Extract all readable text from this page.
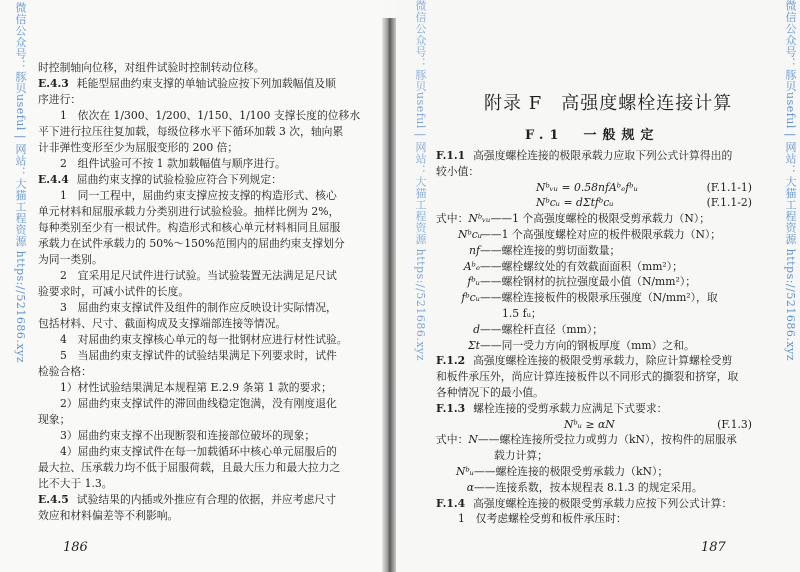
微信公众号：豚贝useful | 网站：大猫工程资源 https://521686.xyz 时控制轴向位移，对组件试验时控制转动位移。
E.4.3 耗能型屈曲约束支撑的单轴试验应按下列加载幅值及顺
序进行：
1　依次在 1/300、1/200、1/150、1/100 支撑长度的位移水
平下进行拉压往复加载，每级位移水平下循环加载 3 次，轴向累
计非弹性变形至少为屈服变形的 200 倍；
2　组件试验可不按 1 款加载幅值与顺序进行。
E.4.4 屈曲约束支撑的试验检验应符合下列规定：
1　同一工程中，屈曲约束支撑应按支撑的构造形式、核心
单元材料和屈服承载力分类别进行试验检验。抽样比例为 2%，
每种类别至少有一根试件。构造形式和核心单元材料相同且屈服
承载力在试件承载力的 50%～150%范围内的屈曲约束支撑划分
为同一类别。
2　宜采用足尺试件进行试验。当试验装置无法满足足尺试
验要求时，可减小试件的长度。
3　屈曲约束支撑试件及组件的制作应反映设计实际情况，
包括材料、尺寸、截面构成及支撑端部连接等情况。
4　对屈曲约束支撑核心单元的每一批钢材应进行材性试验。
5　当屈曲约束支撑试件的试验结果满足下列要求时，试件
检验合格：
1）材性试验结果满足本规程第 E.2.9 条第 1 款的要求；
2）屈曲约束支撑试件的滞回曲线稳定饱满，没有刚度退化
现象；
3）屈曲约束支撑不出现断裂和连接部位破坏的现象；
4）屈曲约束支撑试件在每一加载循环中核心单元屈服后的
最大拉、压承载力均不低于屈服荷载，且最大压力和最大拉力之
比不大于 1.3。
E.4.5 试验结果的内插或外推应有合理的依据，并应考虑尺寸
效应和材料偏差等不利影响。
186
附录 F　高强度螺栓连接计算
F.1　一般规定
F.1.1 高强度螺栓连接的极限承载力应取下列公式计算得出的
较小值：
Nᵇᵥᵤ = 0.58nfAᵇₑfᵇᵤ	(F.1.1-1)
Nᵇcᵤ = dΣtfᵇcᵤ	(F.1.1-2)
式中：Nᵇᵥᵤ——1 个高强度螺栓的极限受剪承载力（N）；
Nᵇcᵤ——1 个高强度螺栓对应的板件极限承载力（N）；
nf——螺栓连接的剪切面数量；
Aᵇₑ——螺栓螺纹处的有效截面面积（mm²）；
fᵇᵤ——螺栓钢材的抗拉强度最小值（N/mm²）；
fᵇcᵤ——螺栓连接板件的极限承压强度（N/mm²），取
1.5 fᵤ；
d——螺栓杆直径（mm）；
Σt——同一受力方向的钢板厚度（mm）之和。
F.1.2 高强度螺栓连接的极限受剪承载力，除应计算螺栓受剪
和板件承压外，尚应计算连接板件以不同形式的撕裂和挤穿，取
各种情况下的最小值。
F.1.3 螺栓连接的受剪承载力应满足下式要求：
Nᵇᵤ ≥ αN	(F.1.3)
式中：N——螺栓连接所受拉力或剪力（kN），按构件的屈服承
载力计算；
Nᵇᵤ——螺栓连接的极限受剪承载力（kN）；
α——连接系数，按本规程表 8.1.3 的规定采用。
F.1.4 高强度螺栓连接的极限受剪承载力应按下列公式计算：
1　仅考虑螺栓受剪和板件承压时：
微信公众号：豚贝useful | 网站：大猫工程资源 https://521686.xyz	微信公众号：豚贝useful | 网站：大猫工程资源 https://521686.xyz
187
